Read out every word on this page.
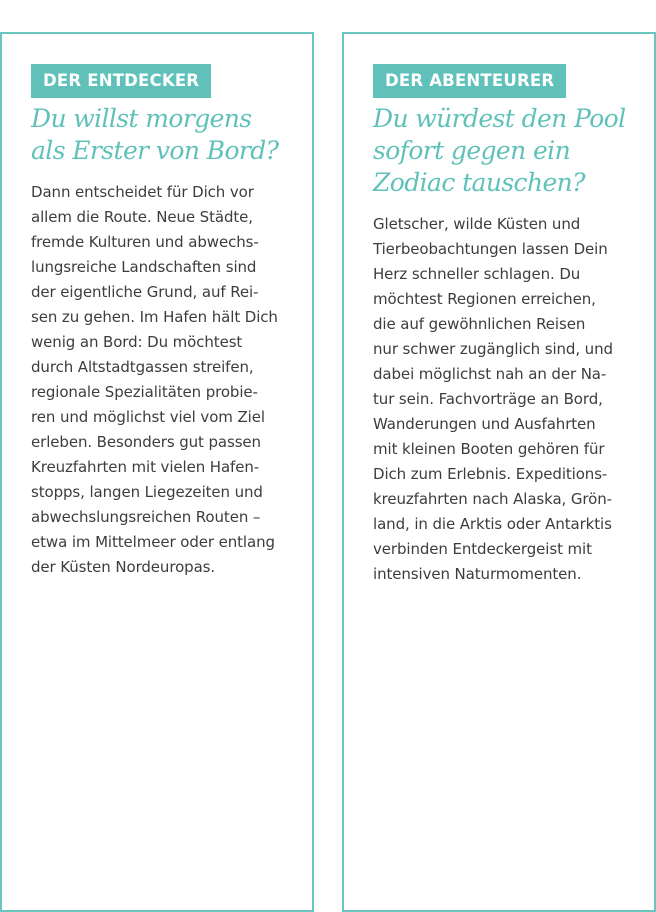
DER ENTDECKER
Du willst morgens
als Erster von Bord?

Dann entscheidet für Dich vor
allem die Route. Neue Städte,
fremde Kulturen und abwechs-
lungsreiche Landschaften sind
der eigentliche Grund, auf Rei-
sen zu gehen. Im Hafen hält Dich
wenig an Bord: Du möchtest
durch Altstadtgassen streifen,
regionale Spezialitäten probie-
ren und möglichst viel vom Ziel
erleben. Besonders gut passen
Kreuzfahrten mit vielen Hafen-
stopps, langen Liegezeiten und
abwechslungsreichen Routen –
etwa im Mittelmeer oder entlang
der Küsten Nordeuropas.

DER ABENTEURER
Du würdest den Pool
sofort gegen ein
Zodiac tauschen?

Gletscher, wilde Küsten und
Tierbeobachtungen lassen Dein
Herz schneller schlagen. Du
möchtest Regionen erreichen,
die auf gewöhnlichen Reisen
nur schwer zugänglich sind, und
dabei möglichst nah an der Na-
tur sein. Fachvorträge an Bord,
Wanderungen und Ausfahrten
mit kleinen Booten gehören für
Dich zum Erlebnis. Expeditions-
kreuzfahrten nach Alaska, Grön-
land, in die Arktis oder Antarktis
verbinden Entdeckergeist mit
intensiven Naturmomenten.
